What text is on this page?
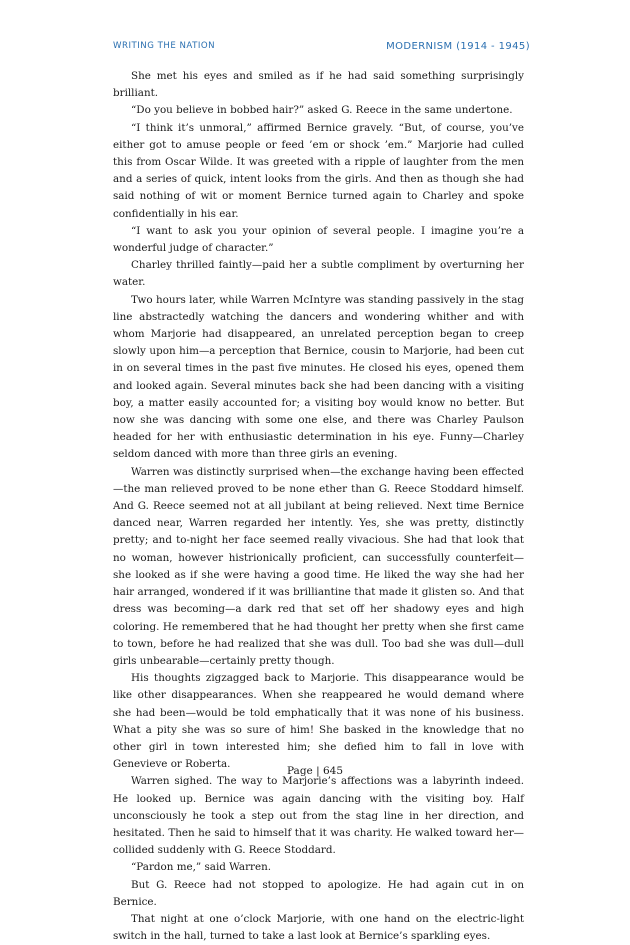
WRITING THE NATION	MODERNISM (1914 - 1945)

She met his eyes and smiled as if he had said something surprisingly brilliant.

“Do you believe in bobbed hair?” asked G. Reece in the same undertone.

“I think it’s unmoral,” affirmed Bernice gravely. “But, of course, you’ve either got to amuse people or feed ’em or shock ’em.” Marjorie had culled this from Oscar Wilde. It was greeted with a ripple of laughter from the men and a series of quick, intent looks from the girls. And then as though she had said nothing of wit or moment Bernice turned again to Charley and spoke confidentially in his ear.

“I want to ask you your opinion of several people. I imagine you’re a wonderful judge of character.”

Charley thrilled faintly—paid her a subtle compliment by overturning her water.

Two hours later, while Warren McIntyre was standing passively in the stag line abstractedly watching the dancers and wondering whither and with whom Marjorie had disappeared, an unrelated perception began to creep slowly upon him—a perception that Bernice, cousin to Marjorie, had been cut in on several times in the past five minutes. He closed his eyes, opened them and looked again. Several minutes back she had been dancing with a visiting boy, a matter easily accounted for; a visiting boy would know no better. But now she was dancing with some one else, and there was Charley Paulson headed for her with enthusiastic determination in his eye. Funny—Charley seldom danced with more than three girls an evening.

Warren was distinctly surprised when—the exchange having been effected—the man relieved proved to be none ether than G. Reece Stoddard himself. And G. Reece seemed not at all jubilant at being relieved. Next time Bernice danced near, Warren regarded her intently. Yes, she was pretty, distinctly pretty; and to-night her face seemed really vivacious. She had that look that no woman, however histrionically proficient, can successfully counterfeit—she looked as if she were having a good time. He liked the way she had her hair arranged, wondered if it was brilliantine that made it glisten so. And that dress was becoming—a dark red that set off her shadowy eyes and high coloring. He remembered that he had thought her pretty when she first came to town, before he had realized that she was dull. Too bad she was dull—dull girls unbearable—certainly pretty though.

His thoughts zigzagged back to Marjorie. This disappearance would be like other disappearances. When she reappeared he would demand where she had been—would be told emphatically that it was none of his business. What a pity she was so sure of him! She basked in the knowledge that no other girl in town interested him; she defied him to fall in love with Genevieve or Roberta.

Warren sighed. The way to Marjorie’s affections was a labyrinth indeed. He looked up. Bernice was again dancing with the visiting boy. Half unconsciously he took a step out from the stag line in her direction, and hesitated. Then he said to himself that it was charity. He walked toward her—collided suddenly with G. Reece Stoddard.

“Pardon me,” said Warren.

But G. Reece had not stopped to apologize. He had again cut in on Bernice.

That night at one o’clock Marjorie, with one hand on the electric-light switch in the hall, turned to take a last look at Bernice’s sparkling eyes.

Page | 645
